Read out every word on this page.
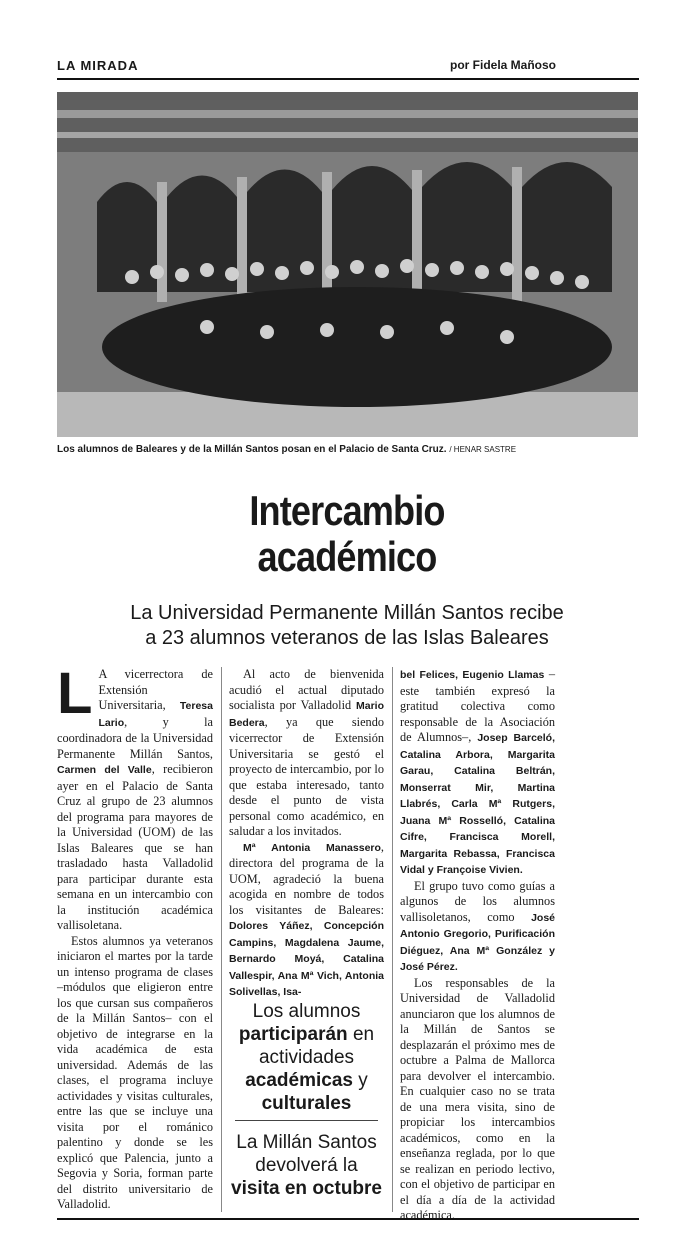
LA MIRADA	por Fidela Mañoso
Los alumnos de Baleares y de la Millán Santos posan en el Palacio de Santa Cruz. / HENAR SASTRE
Intercambio
académico
La Universidad Permanente Millán Santos recibe
a 23 alumnos veteranos de las Islas Baleares

L A vicerrectora de Extensión Universitaria, Teresa Lario, y la coordinadora de la Universidad Permanente Millán Santos, Carmen del Valle, recibieron ayer en el Palacio de Santa Cruz al grupo de 23 alumnos del programa para mayores de la Universidad (UOM) de las Islas Baleares que se han trasladado hasta Valladolid para participar durante esta semana en un intercambio con la institución académica vallisoletana.

Estos alumnos ya veteranos iniciaron el martes por la tarde un intenso programa de clases –módulos que eligieron entre los que cursan sus compañeros de la Millán Santos– con el objetivo de integrarse en la vida académica de esta universidad. Además de las clases, el programa incluye actividades y visitas culturales, entre las que se incluye una visita por el románico palentino y donde se les explicó que Palencia, junto a Segovia y Soria, forman parte del distrito universitario de Valladolid.

Al acto de bienvenida acudió el actual diputado socialista por Valladolid Mario Bedera, ya que siendo vicerrector de Extensión Universitaria se gestó el proyecto de intercambio, por lo que estaba interesado, tanto desde el punto de vista personal como académico, en saludar a los invitados.

Mª Antonia Manassero, directora del programa de la UOM, agradeció la buena acogida en nombre de todos los visitantes de Baleares: Dolores Yáñez, Concepción Campins, Magdalena Jaume, Bernardo Moyá, Catalina Vallespir, Ana Mª Vich, Antonia Solivellas, Isa-

Los alumnos participarán en actividades académicas y culturales
La Millán Santos devolverá la visita en octubre

bel Felices, Eugenio Llamas –este también expresó la gratitud colectiva como responsable de la Asociación de Alumnos–, Josep Barceló, Catalina Arbora, Margarita Garau, Catalina Beltrán, Monserrat Mir, Martina Llabrés, Carla Mª Rutgers, Juana Mª Rosselló, Catalina Cifre, Francisca Morell, Margarita Rebassa, Francisca Vidal y Françoise Vivien.

El grupo tuvo como guías a algunos de los alumnos vallisoletanos, como José Antonio Gregorio, Purificación Diéguez, Ana Mª González y José Pérez.

Los responsables de la Universidad de Valladolid anunciaron que los alumnos de la Millán de Santos se desplazarán el próximo mes de octubre a Palma de Mallorca para devolver el intercambio. En cualquier caso no se trata de una mera visita, sino de propiciar los intercambios académicos, como en la enseñanza reglada, por lo que se realizan en periodo lectivo, con el objetivo de participar en el día a día de la actividad académica.
